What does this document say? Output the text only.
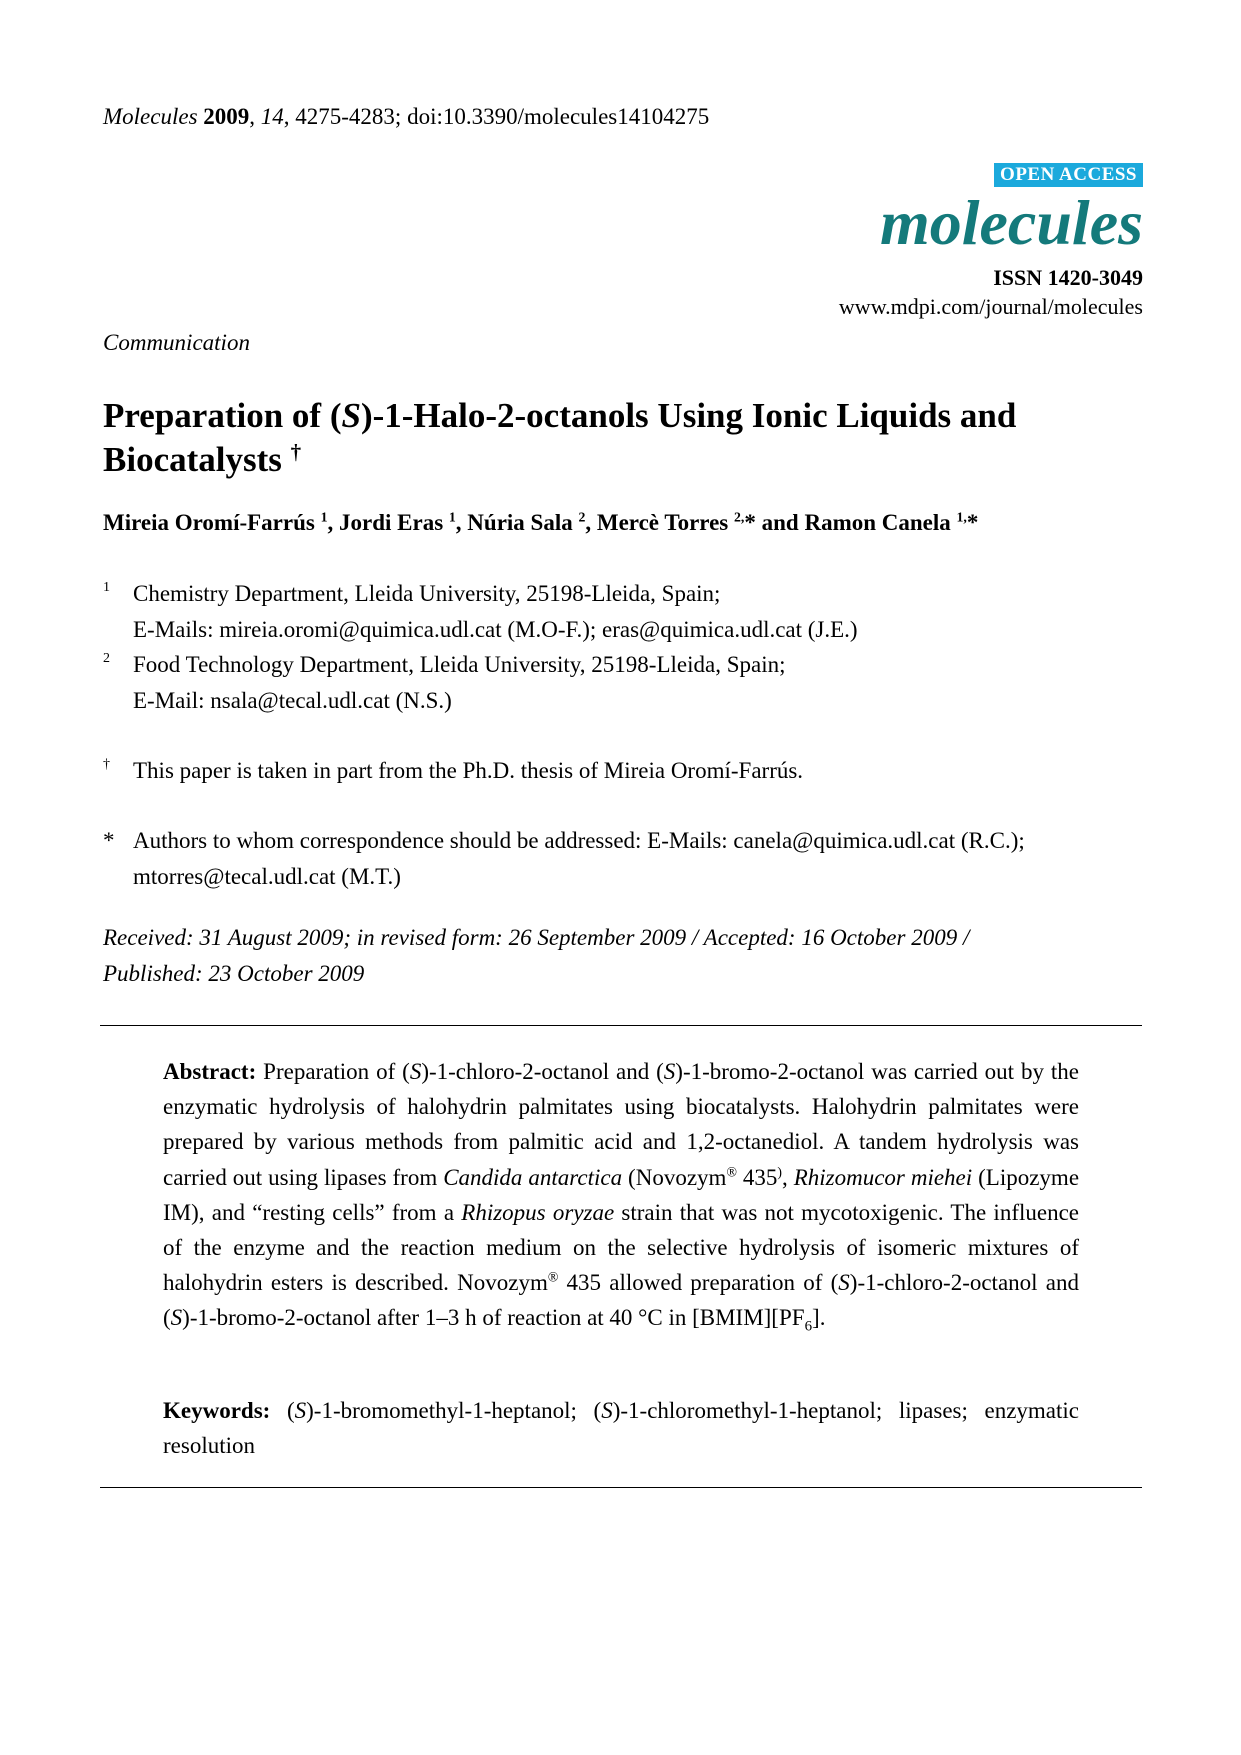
Molecules 2009, 14, 4275-4283; doi:10.3390/molecules14104275
OPEN ACCESS
molecules
ISSN 1420-3049
www.mdpi.com/journal/molecules
Communication
Preparation of (S)-1-Halo-2-octanols Using Ionic Liquids and
Biocatalysts †
Mireia Oromí-Farrús $^1$, Jordi Eras $^1$, Núria Sala $^2$, Mercè Torres $^{2,}$* and Ramon Canela $^{1,}$*
1 Chemistry Department, Lleida University, 25198-Lleida, Spain;
E-Mails: mireia.oromi@quimica.udl.cat (M.O-F.); eras@quimica.udl.cat (J.E.)
2 Food Technology Department, Lleida University, 25198-Lleida, Spain;
E-Mail: nsala@tecal.udl.cat (N.S.)
† This paper is taken in part from the Ph.D. thesis of Mireia Oromí-Farrús.
* Authors to whom correspondence should be addressed: E-Mails: canela@quimica.udl.cat (R.C.);
mtorres@tecal.udl.cat (M.T.)
Received: 31 August 2009; in revised form: 26 September 2009 / Accepted: 16 October 2009 /
Published: 23 October 2009
Abstract: Preparation of (S)-1-chloro-2-octanol and (S)-1-bromo-2-octanol was carried out by the enzymatic hydrolysis of halohydrin palmitates using biocatalysts. Halohydrin palmitates were prepared by various methods from palmitic acid and 1,2-octanediol. A tandem hydrolysis was carried out using lipases from Candida antarctica (Novozym® 435), Rhizomucor miehei (Lipozyme IM), and “resting cells” from a Rhizopus oryzae strain that was not mycotoxigenic. The influence of the enzyme and the reaction medium on the selective hydrolysis of isomeric mixtures of halohydrin esters is described. Novozym® 435 allowed preparation of (S)-1-chloro-2-octanol and (S)-1-bromo-2-octanol after 1–3 h of reaction at 40 °C in $[BMIM][PF_6]$.
Keywords: (S)-1-bromomethyl-1-heptanol; (S)-1-chloromethyl-1-heptanol; lipases; enzymatic resolution
